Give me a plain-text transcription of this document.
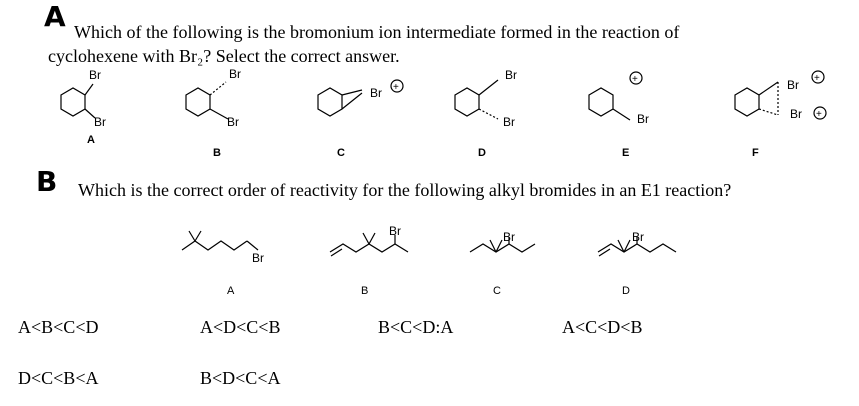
A Which of the following is the bromonium ion intermediate formed in the reaction of
cyclohexene with Br₂? Select the correct answer.
Br
Br
Br
Br
Br +
Br
Br
+
Br
Br +
Br +
A
B	C	D	E	F
Br
Br	Br	Br
A	B	C	D
B Which is the correct order of reactivity for the following alkyl bromides in an E1 reaction?
A<B<C<D	A<D<C<B	B<C<D:A	A<C<D<B
D<C<B<A	B<D<C<A
